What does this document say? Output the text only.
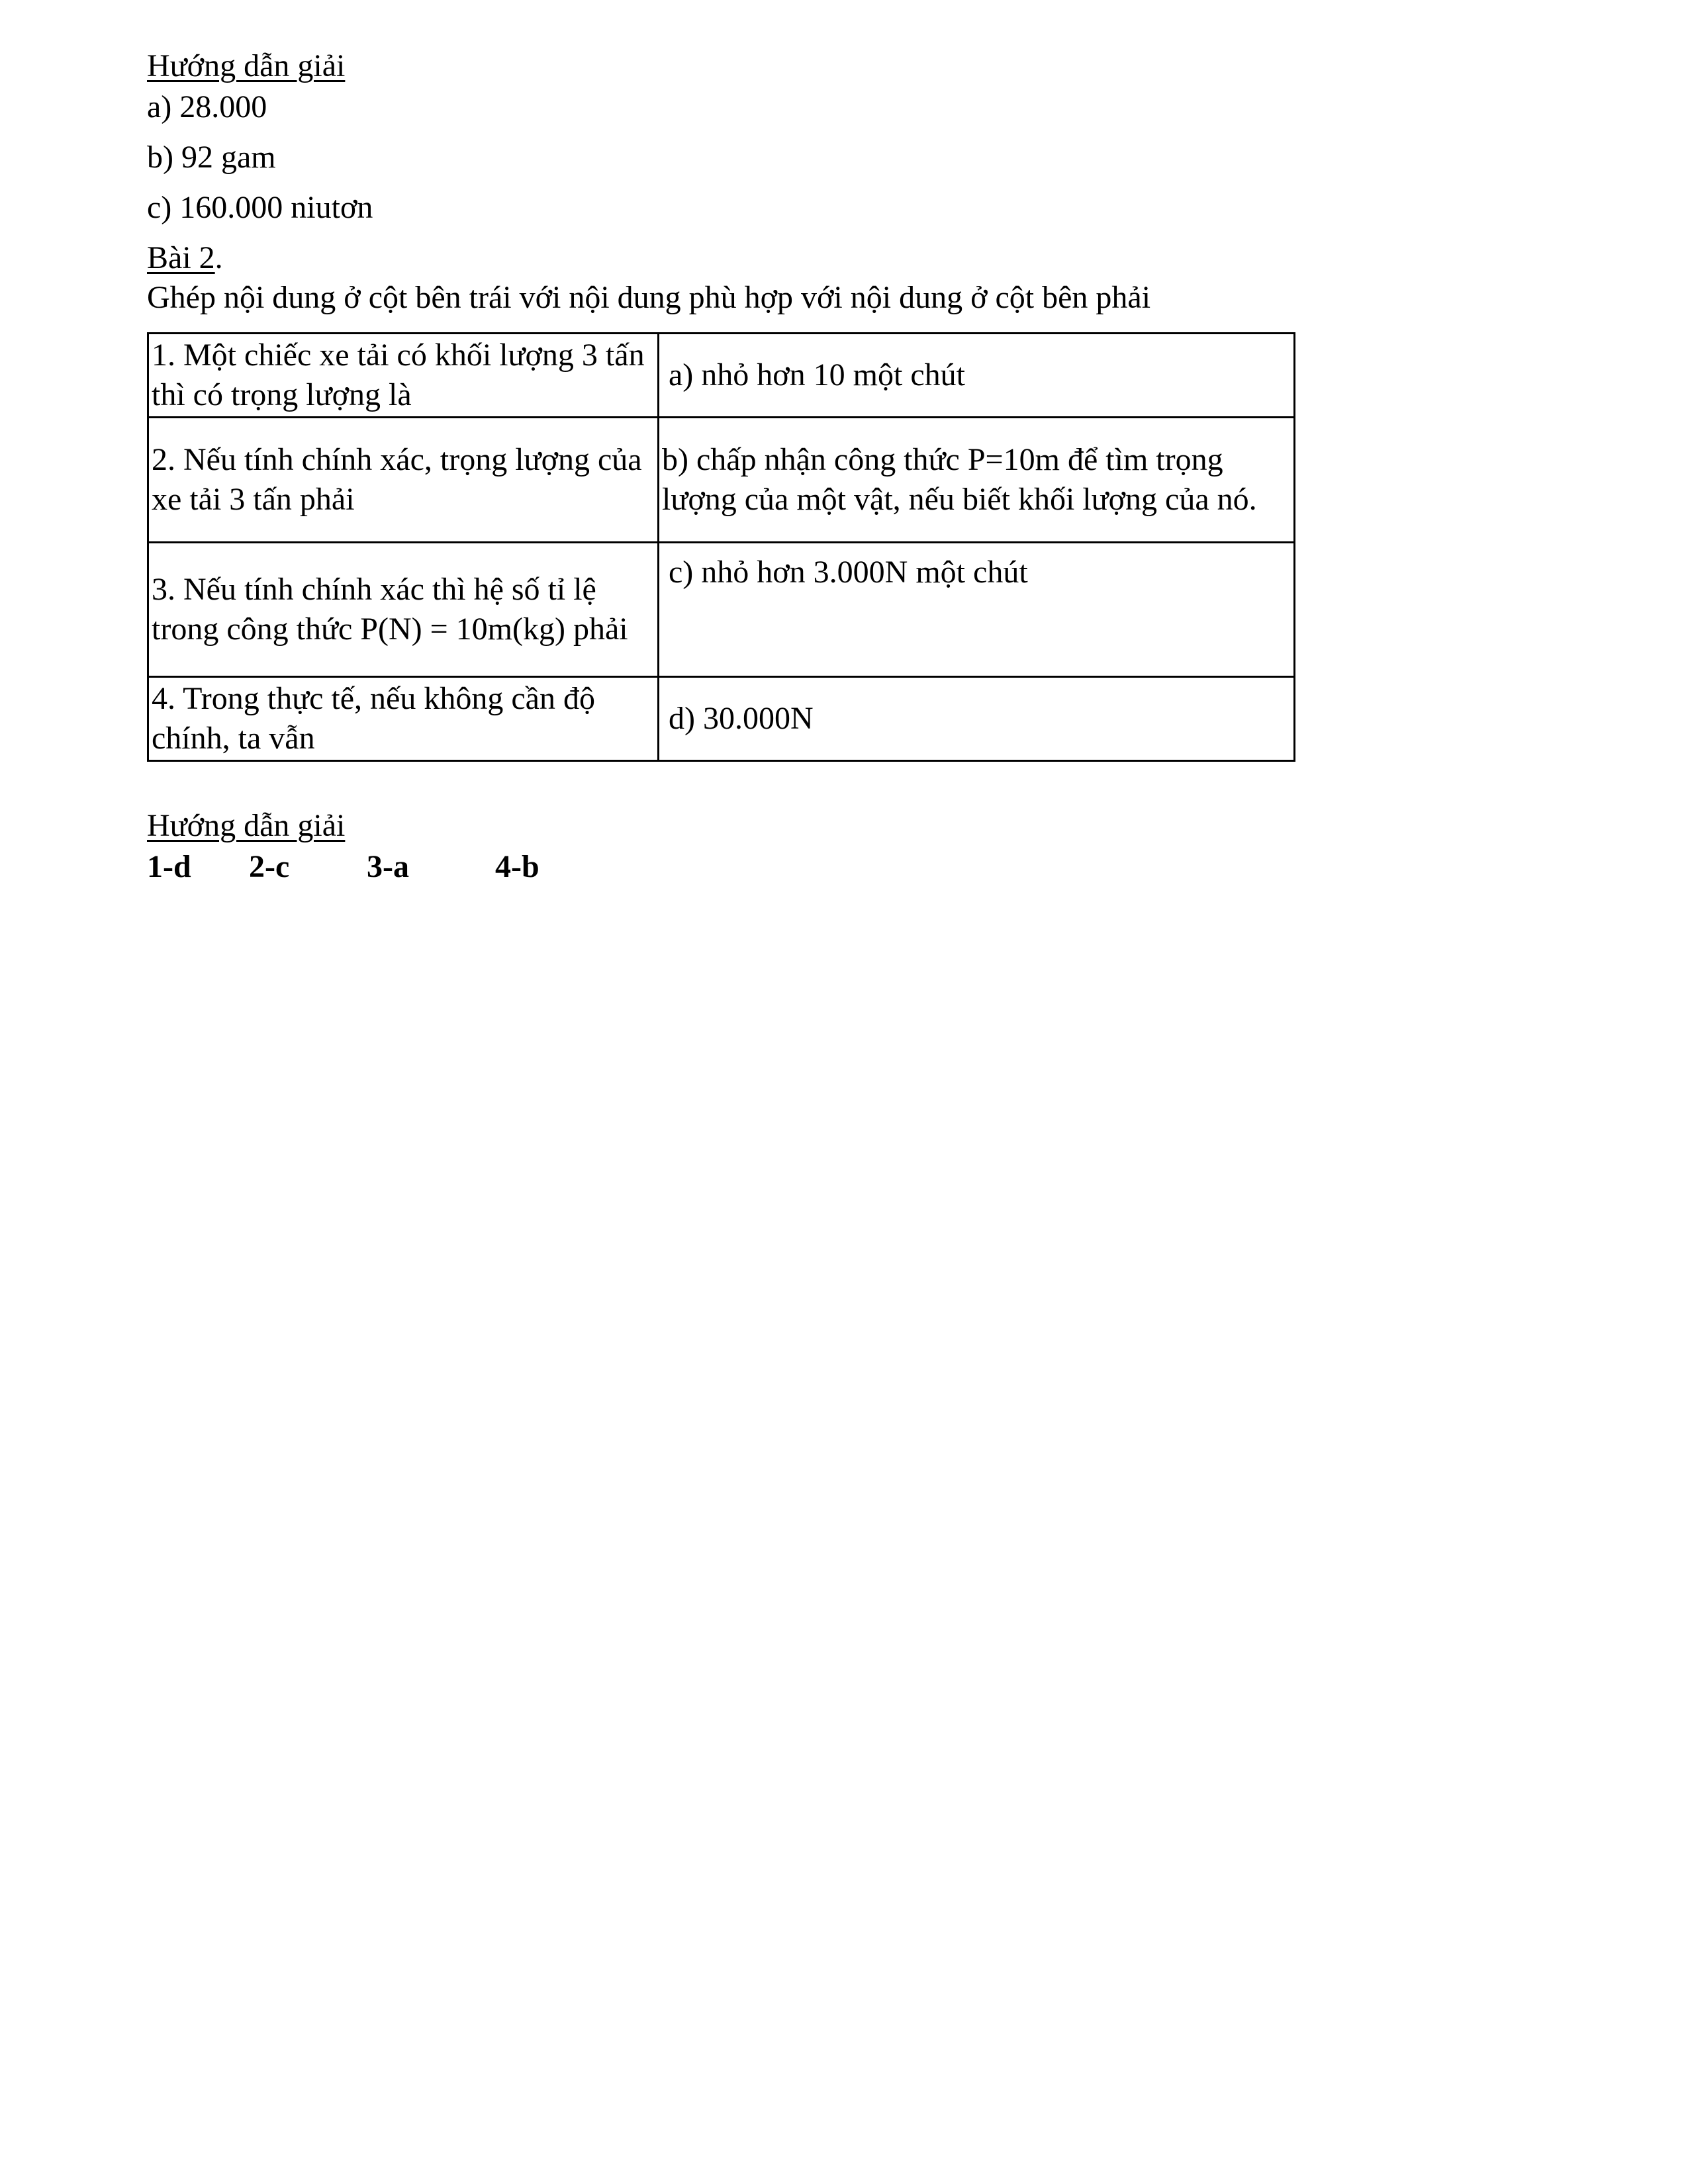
Hướng dẫn giải
a) 28.000
b) 92 gam
c) 160.000 niutơn
Bài 2.
Ghép nội dung ở cột bên trái với nội dung phù hợp với nội dung ở cột bên phải
1. Một chiếc xe tải có khối lượng 3 tấn thì có trọng lượng là	a) nhỏ hơn 10 một chút
2. Nếu tính chính xác, trọng lượng của xe tải 3 tấn phải	b) chấp nhận công thức P=10m để tìm trọng lượng của một vật, nếu biết khối lượng của nó.
3. Nếu tính chính xác thì hệ số tỉ lệ trong công thức P(N) = 10m(kg) phải	c) nhỏ hơn 3.000N một chút
4. Trong thực tế, nếu không cần độ chính, ta vẫn	d) 30.000N
Hướng dẫn giải
1-d 2-c 3-a	4-b
